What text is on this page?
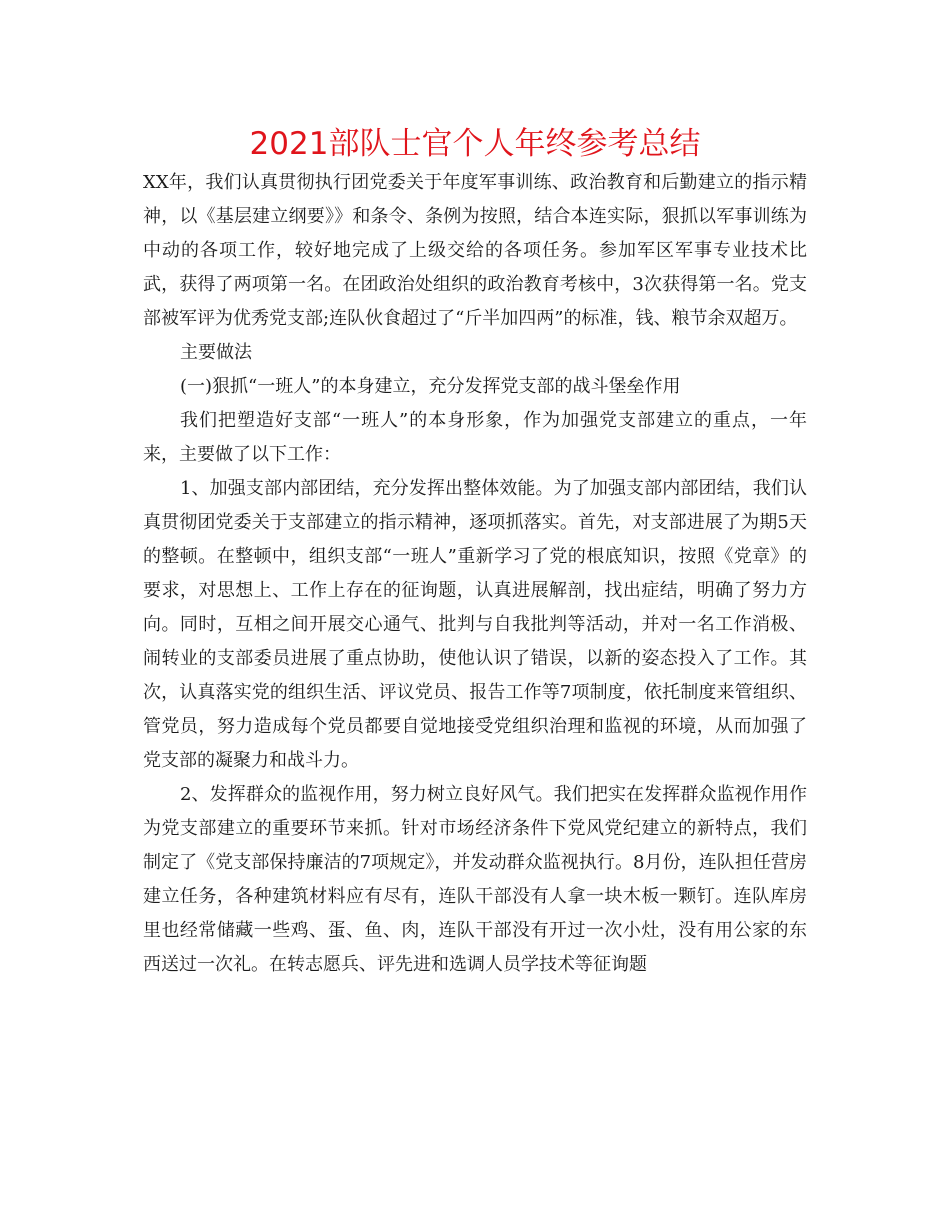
2021部队士官个人年终参考总结

XX年，我们认真贯彻执行团党委关于年度军事训练、政治教育和后勤建立的指示精神，以《基层建立纲要》》和条令、条例为按照，结合本连实际，狠抓以军事训练为中动的各项工作，较好地完成了上级交给的各项任务。参加军区军事专业技术比武，获得了两项第一名。在团政治处组织的政治教育考核中，3次获得第一名。党支部被军评为优秀党支部;连队伙食超过了“斤半加四两”的标准，钱、粮节余双超万。

主要做法

(一)狠抓“一班人”的本身建立，充分发挥党支部的战斗堡垒作用

我们把塑造好支部“一班人”的本身形象，作为加强党支部建立的重点，一年来，主要做了以下工作：

1、加强支部内部团结，充分发挥出整体效能。为了加强支部内部团结，我们认真贯彻团党委关于支部建立的指示精神，逐项抓落实。首先，对支部进展了为期5天的整顿。在整顿中，组织支部“一班人”重新学习了党的根底知识，按照《党章》的要求，对思想上、工作上存在的征询题，认真进展解剖，找出症结，明确了努力方向。同时，互相之间开展交心通气、批判与自我批判等活动，并对一名工作消极、闹转业的支部委员进展了重点协助，使他认识了错误，以新的姿态投入了工作。其次，认真落实党的组织生活、评议党员、报告工作等7项制度，依托制度来管组织、管党员，努力造成每个党员都要自觉地接受党组织治理和监视的环境，从而加强了党支部的凝聚力和战斗力。

2、发挥群众的监视作用，努力树立良好风气。我们把实在发挥群众监视作用作为党支部建立的重要环节来抓。针对市场经济条件下党风党纪建立的新特点，我们制定了《党支部保持廉洁的7项规定》，并发动群众监视执行。8月份，连队担任营房建立任务，各种建筑材料应有尽有，连队干部没有人拿一块木板一颗钉。连队库房里也经常储藏一些鸡、蛋、鱼、肉，连队干部没有开过一次小灶，没有用公家的东西送过一次礼。在转志愿兵、评先进和选调人员学技术等征询题
